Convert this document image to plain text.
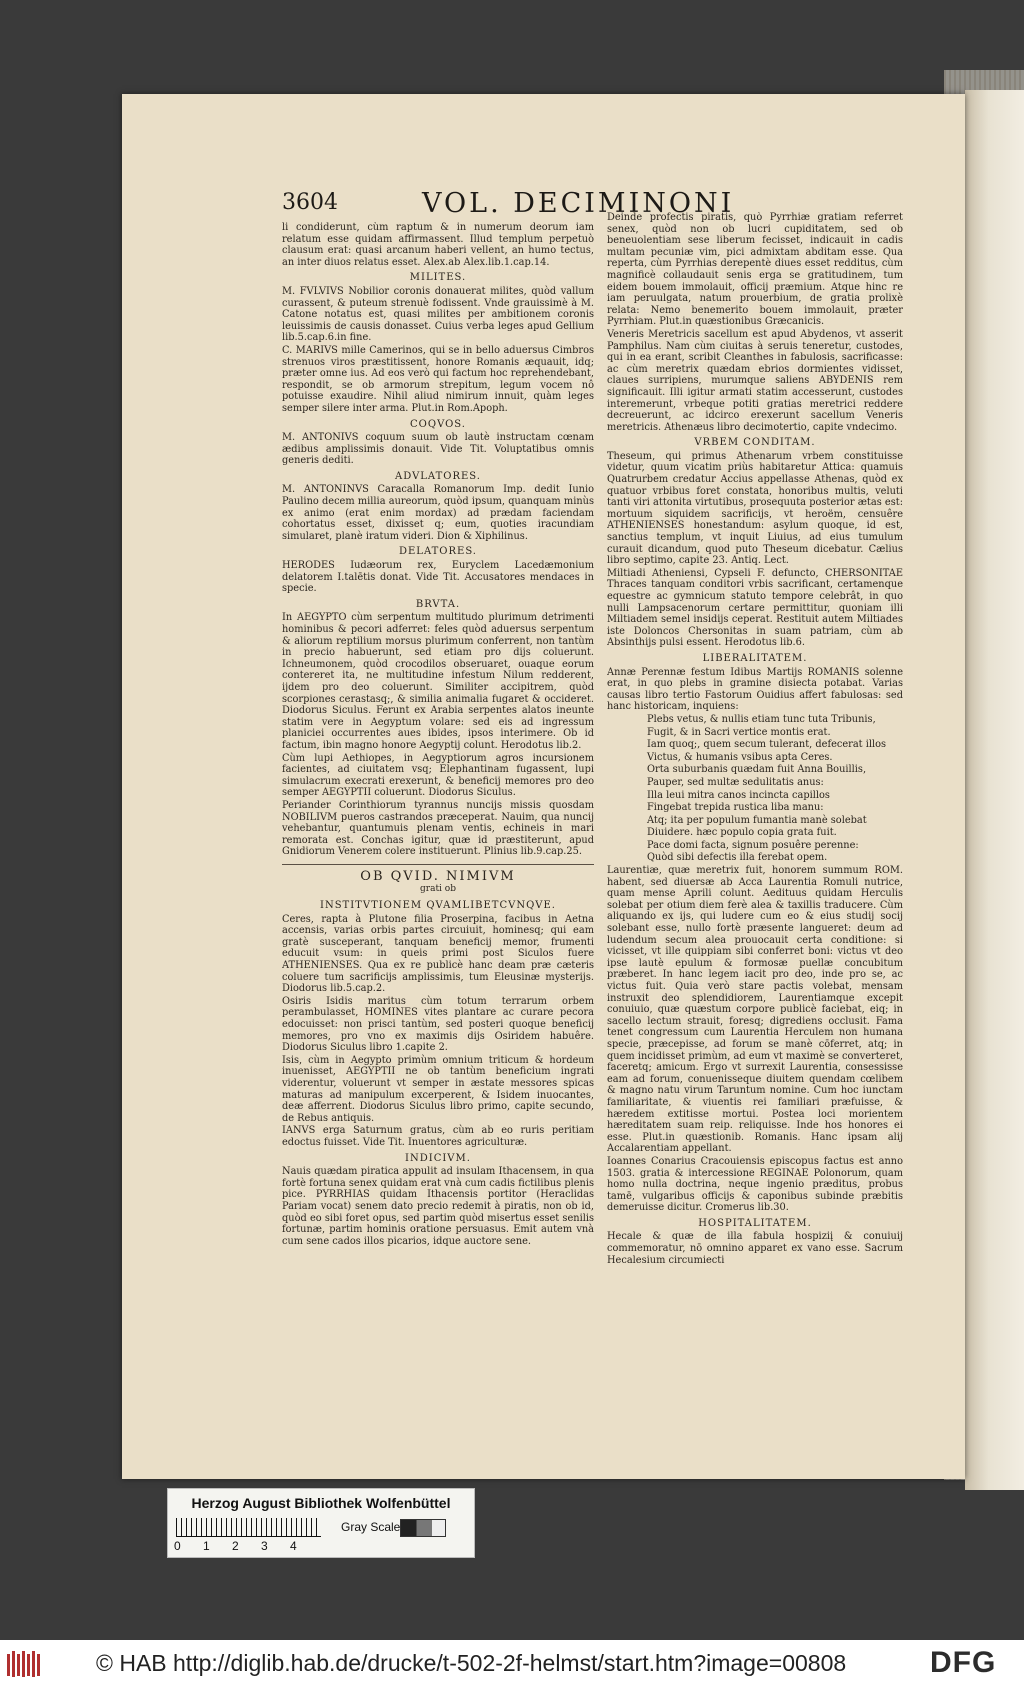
3604	VOL. DECIMINONI

li condiderunt, cùm raptum & in numerum deorum iam relatum esse quidam affirmassent. Illud templum perpetuò clausum erat: quasi arcanum haberi vellent, an humo tectus, an inter diuos relatus esset. Alex.ab Alex.lib.1.cap.14.

MILITES.

M. FVLVIVS Nobilior coronis donauerat milites, quòd vallum curassent, & puteum strenuè fodissent. Vnde grauissimè à M. Catone notatus est, quasi milites per ambitionem coronis leuissimis de causis donasset. Cuius verba leges apud Gellium lib.5.cap.6.in fine.

C. MARIVS mille Camerinos, qui se in bello aduersus Cimbros strenuos viros præstitissent, honore Romanis æquauit, idq; præter omne ius. Ad eos verò qui factum hoc reprehendebant, respondit, se ob armorum strepitum, legum vocem nô potuisse exaudire. Nihil aliud nimirum innuit, quàm leges semper silere inter arma. Plut.in Rom.Apoph.

COQVOS.

M. ANTONIVS coquum suum ob lautè instructam cœnam ædibus amplissimis donauit. Vide Tit. Voluptatibus omnis generis dediti.

ADVLATORES.

M. ANTONINVS Caracalla Romanorum Imp. dedit Iunio Paulino decem millia aureorum, quòd ipsum, quanquam minùs ex animo (erat enim mordax) ad prædam faciendam cohortatus esset, dixisset q; eum, quoties iracundiam simularet, planè iratum videri. Dion & Xiphilinus.

DELATORES.

HERODES Iudæorum rex, Euryclem Lacedæmonium delatorem I.talētis donat. Vide Tit. Accusatores mendaces in specie.

BRVTA.

In AEGYPTO cùm serpentum multitudo plurimum detrimenti hominibus & pecori adferret: feles quòd aduersus serpentum & aliorum reptilium morsus plurimum conferrent, non tantùm in precio habuerunt, sed etiam pro dijs coluerunt. Ichneumonem, quòd crocodilos obseruaret, ouaque eorum contereret ita, ne multitudine infestum Nilum redderent, ijdem pro deo coluerunt. Similiter accipitrem, quòd scorpiones cerastasq;, & similia animalia fugaret & occideret. Diodorus Siculus. Ferunt ex Arabia serpentes alatos ineunte statim vere in Aegyptum volare: sed eis ad ingressum planiciei occurrentes aues ibides, ipsos interimere. Ob id factum, ibin magno honore Aegyptij colunt. Herodotus lib.2.

Cùm lupi Aethiopes, in Aegyptiorum agros incursionem facientes, ad ciuitatem vsq; Elephantinam fugassent, lupi simulacrum execrati erexerunt, & beneficij memores pro deo semper AEGYPTII coluerunt. Diodorus Siculus.

Periander Corinthiorum tyrannus nuncijs missis quosdam NOBILIVM pueros castrandos præceperat. Nauim, qua nuncij vehebantur, quantumuis plenam ventis, echineis in mari remorata est. Conchas igitur, quæ id præstiterunt, apud Gnidiorum Venerem colere instituerunt. Plinius lib.9.cap.25.

OB QVID. NIMIVM
grati ob
INSTITVTIONEM QVAMLIBETCVNQVE.

Ceres, rapta à Plutone filia Proserpina, facibus in Aetna accensis, varias orbis partes circuiuit, hominesq; qui eam gratè susceperant, tanquam beneficij memor, frumenti educuit vsum: in queis primi post Siculos fuere ATHENIENSES. Qua ex re publicè hanc deam præ cæteris coluere tum sacrificijs amplissimis, tum Eleusinæ mysterijs. Diodorus lib.5.cap.2.

Osiris Isidis maritus cùm totum terrarum orbem perambulasset, HOMINES vites plantare ac curare pecora edocuisset: non prisci tantùm, sed posteri quoque beneficij memores, pro vno ex maximis dijs Osiridem habuêre. Diodorus Siculus libro 1.capite 2.

Isis, cùm in Aegypto primùm omnium triticum & hordeum inuenisset, AEGYPTII ne ob tantùm beneficium ingrati viderentur, voluerunt vt semper in æstate messores spicas maturas ad manipulum excerperent, & Isidem inuocantes, deæ afferrent. Diodorus Siculus libro primo, capite secundo, de Rebus antiquis.

IANVS erga Saturnum gratus, cùm ab eo ruris peritiam edoctus fuisset. Vide Tit. Inuentores agriculturæ.

INDICIVM.

Nauis quædam piratica appulit ad insulam Ithacensem, in qua fortè fortuna senex quidam erat vnà cum cadis fictilibus plenis pice. PYRRHIAS quidam Ithacensis portitor (Heraclidas Pariam vocat) senem dato precio redemit à piratis, non ob id, quòd eo sibi foret opus, sed partim quòd misertus esset senilis fortunæ, partim hominis oratione persuasus. Emit autem vnà cum sene cados illos picarios, idque auctore sene.

Deinde profectis piratis, quò Pyrrhiæ gratiam referret senex, quòd non ob lucri cupiditatem, sed ob beneuolentiam sese liberum fecisset, indicauit in cadis multam pecuniæ vim, pici admixtam abditam esse. Qua reperta, cùm Pyrrhias derepentè diues esset redditus, cùm magnificè collaudauit senis erga se gratitudinem, tum eidem bouem immolauit, officij præmium. Atque hinc re iam peruulgata, natum prouerbium, de gratia prolixè relata: Nemo benemerito bouem immolauit, præter Pyrrhiam. Plut.in quæstionibus Græcanicis.

Veneris Meretricis sacellum est apud Abydenos, vt asserit Pamphilus. Nam cùm ciuitas à seruis teneretur, custodes, qui in ea erant, scribit Cleanthes in fabulosis, sacrificasse: ac cùm meretrix quædam ebrios dormientes vidisset, claues surripiens, murumque saliens ABYDENIS rem significauit. Illi igitur armati statim accesserunt, custodes interemerunt, vrbeque potiti gratias meretrici reddere decreuerunt, ac idcirco erexerunt sacellum Veneris meretricis. Athenæus libro decimotertio, capite vndecimo.

VRBEM CONDITAM.

Theseum, qui primus Athenarum vrbem constituisse videtur, quum vicatim priùs habitaretur Attica: quamuis Quatrurbem credatur Accius appellasse Athenas, quòd ex quatuor vrbibus foret constata, honoribus multis, veluti tanti viri attonita virtutibus, prosequuta posterior ætas est: mortuum siquidem sacrificijs, vt heroëm, censuêre ATHENIENSES honestandum: asylum quoque, id est, sanctius templum, vt inquit Liuius, ad eius tumulum curauit dicandum, quod puto Theseum dicebatur. Cælius libro septimo, capite 23. Antiq. Lect.

Miltiadi Atheniensi, Cypseli F. defuncto, CHERSONITAE Thraces tanquam conditori vrbis sacrificant, certamenque equestre ac gymnicum statuto tempore celebrât, in quo nulli Lampsacenorum certare permittitur, quoniam illi Miltiadem semel insidijs ceperat. Restituit autem Miltiades iste Doloncos Chersonitas in suam patriam, cùm ab Absinthijs pulsi essent. Herodotus lib.6.

LIBERALITATEM.

Annæ Perennæ festum Idibus Martijs ROMANIS solenne erat, in quo plebs in gramine disiecta potabat. Varias causas libro tertio Fastorum Ouidius affert fabulosas: sed hanc historicam, inquiens:

Plebs vetus, & nullis etiam tunc tuta Tribunis,

Fugit, & in Sacri vertice montis erat.

Iam quoq;, quem secum tulerant, defecerat illos

Victus, & humanis vsibus apta Ceres.

Orta suburbanis quædam fuit Anna Bouillis,

Pauper, sed multæ sedulitatis anus:

Illa leui mitra canos incincta capillos

Fingebat trepida rustica liba manu:

Atq; ita per populum fumantia manè solebat

Diuidere. hæc populo copia grata fuit.

Pace domi facta, signum posuêre perenne:

Quòd sibi defectis illa ferebat opem.

Laurentiæ, quæ meretrix fuit, honorem summum ROM. habent, sed diuersæ ab Acca Laurentia Romuli nutrice, quam mense Aprili colunt. Aedituus quidam Herculis solebat per otium diem ferè alea & taxillis traducere. Cùm aliquando ex ijs, qui ludere cum eo & eius studij socij solebant esse, nullo fortè præsente langueret: deum ad ludendum secum alea prouocauit certa conditione: si vicisset, vt ille quippiam sibi conferret boni: victus vt deo ipse lautè epulum & formosæ puellæ concubitum præberet. In hanc legem iacit pro deo, inde pro se, ac victus fuit. Quia verò stare pactis volebat, mensam instruxit deo splendidiorem, Laurentiamque excepit conuiuio, quæ quæstum corpore publicè faciebat, eiq; in sacello lectum strauit, foresq; digrediens occlusit. Fama tenet congressum cum Laurentia Herculem non humana specie, præcepisse, ad forum se manè cōferret, atq; in quem incidisset primùm, ad eum vt maximè se converteret, faceretq; amicum. Ergo vt surrexit Laurentia, consessisse eam ad forum, conuenisseque diuitem quendam cœlibem & magno natu virum Taruntum nomine. Cum hoc iunctam familiaritate, & viuentis rei familiari præfuisse, & hæredem extitisse mortui. Postea loci morientem hæreditatem suam reip. reliquisse. Inde hos honores ei esse. Plut.in quæstionib. Romanis. Hanc ipsam alij Accalarentiam appellant.

Ioannes Conarius Cracouiensis episcopus factus est anno 1503. gratia & intercessione REGINAE Polonorum, quam homo nulla doctrina, neque ingenio præditus, probus tamē, vulgaribus officijs & caponibus subinde præbitis demeruisse dicitur. Cromerus lib.30.

HOSPITALITATEM.

Hecale & quæ de illa fabula hospiziį & conuiuij commemoratur, nō omnino apparet ex vano esse. Sacrum Hecalesium circumiecti

Herzog August Bibliothek Wolfenbüttel
Gray Scale
0 1 2 3 4
© HAB http://diglib.hab.de/drucke/t-502-2f-helmst/start.htm?image=00808	DFG
